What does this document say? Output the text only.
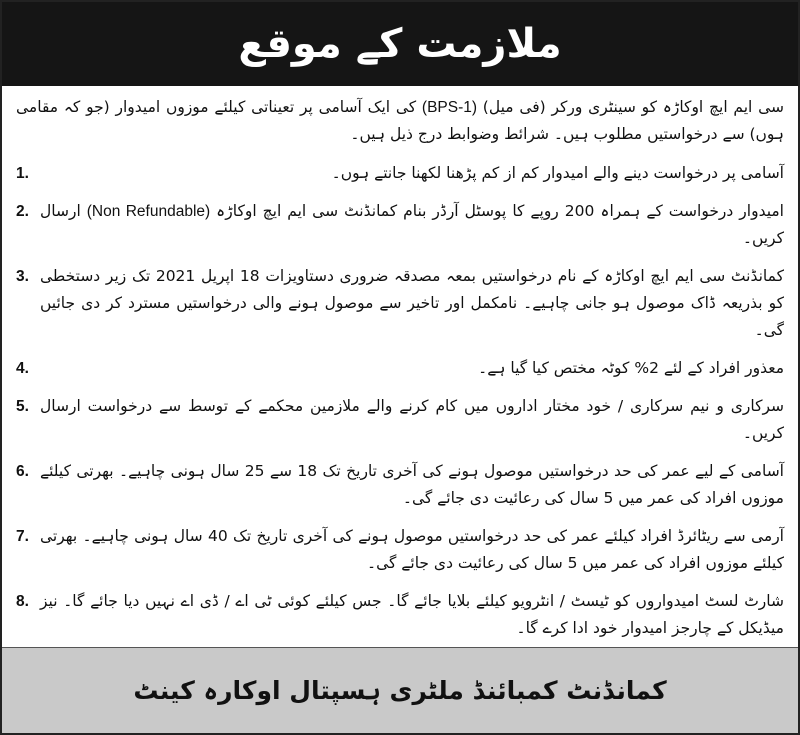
ملازمت کے موقع

سی ایم ایچ اوکاڑہ کو سینٹری ورکر (فی میل) (BPS-1) کی ایک آسامی پر تعیناتی کیلئے موزوں امیدوار (جو کہ مقامی ہوں) سے درخواستیں مطلوب ہیں۔ شرائط وضوابط درج ذیل ہیں۔

آسامی پر درخواست دینے والے امیدوار کم از کم پڑھنا لکھنا جانتے ہوں۔
1.
امیدوار درخواست کے ہمراہ 200 روپے کا پوسٹل آرڈر بنام کمانڈنٹ سی ایم ایچ اوکاڑہ (Non Refundable) ارسال کریں۔
2.
کمانڈنٹ سی ایم ایچ اوکاڑہ کے نام درخواستیں بمعہ مصدقہ ضروری دستاویزات 18 اپریل 2021 تک زیر دستخطی کو بذریعہ ڈاک موصول ہو جانی چاہیے۔ نامکمل اور تاخیر سے موصول ہونے والی درخواستیں مسترد کر دی جائیں گی۔
3.
معذور افراد کے لئے 2% کوٹہ مختص کیا گیا ہے۔
4.
سرکاری و نیم سرکاری / خود مختار اداروں میں کام کرنے والے ملازمین محکمے کے توسط سے درخواست ارسال کریں۔
5.
آسامی کے لیے عمر کی حد درخواستیں موصول ہونے کی آخری تاریخ تک 18 سے 25 سال ہونی چاہیے۔ بھرتی کیلئے موزوں افراد کی عمر میں 5 سال کی رعائیت دی جائے گی۔
6.
آرمی سے ریٹائرڈ افراد کیلئے عمر کی حد درخواستیں موصول ہونے کی آخری تاریخ تک 40 سال ہونی چاہیے۔ بھرتی کیلئے موزوں افراد کی عمر میں 5 سال کی رعائیت دی جائے گی۔
7.
شارٹ لسٹ امیدواروں کو ٹیسٹ / انٹرویو کیلئے بلایا جائے گا۔ جس کیلئے کوئی ٹی اے / ڈی اے نہیں دیا جائے گا۔ نیز میڈیکل کے چارجز امیدوار خود ادا کرے گا۔
8.
کمانڈنٹ کمبائنڈ ملٹری ہسپتال اوکارہ کینٹ
